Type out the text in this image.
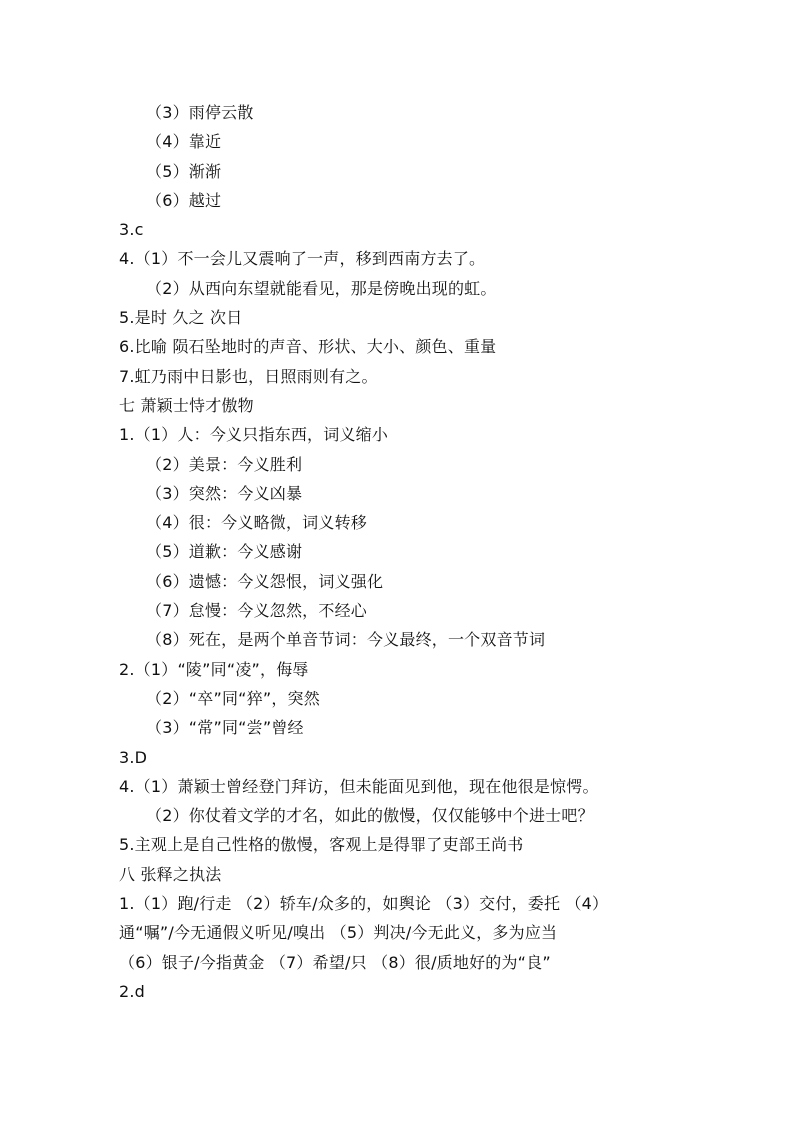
（3）雨停云散
（4）靠近
（5）渐渐
（6）越过
3.c
4.（1）不一会儿又震响了一声，移到西南方去了。
（2）从西向东望就能看见，那是傍晚出现的虹。
5.是时 久之 次日
6.比喻 陨石坠地时的声音、形状、大小、颜色、重量
7.虹乃雨中日影也，日照雨则有之。
七 萧颖士恃才傲物
1.（1）人：今义只指东西，词义缩小
（2）美景：今义胜利
（3）突然：今义凶暴
（4）很：今义略微，词义转移
（5）道歉：今义感谢
（6）遗憾：今义怨恨，词义强化
（7）怠慢：今义忽然，不经心
（8）死在，是两个单音节词：今义最终，一个双音节词
2.（1）“陵”同“凌”，侮辱
（2）“卒”同“猝”，突然
（3）“常”同“尝”曾经
3.D
4.（1）萧颖士曾经登门拜访，但未能面见到他，现在他很是惊愕。
（2）你仗着文学的才名，如此的傲慢，仅仅能够中个进士吧？
5.主观上是自己性格的傲慢，客观上是得罪了吏部王尚书
八 张释之执法
1.（1）跑/行走 （2）轿车/众多的，如舆论 （3）交付，委托 （4）
通“嘱”/今无通假义听见/嗅出 （5）判决/今无此义，多为应当
（6）银子/今指黄金 （7）希望/只 （8）很/质地好的为“良”
2.d
